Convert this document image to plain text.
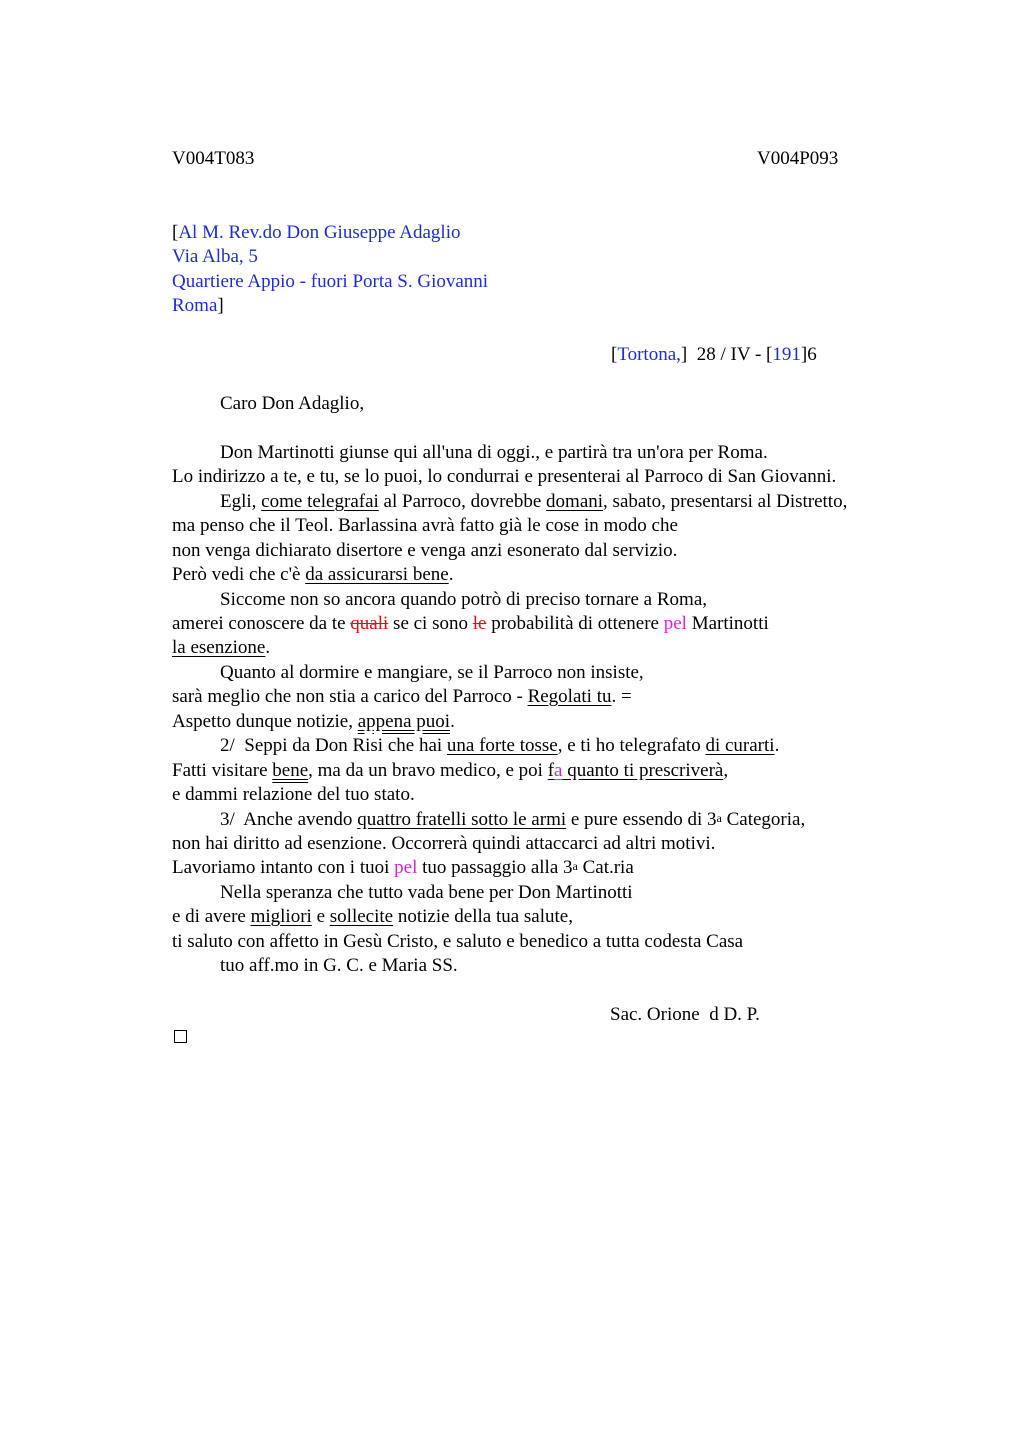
V004T083	V004P093
[Al M. Rev.do Don Giuseppe Adaglio
Via Alba, 5
Quartiere Appio - fuori Porta S. Giovanni
Roma]
[Tortona,]  28 / IV - [191]6
Caro Don Adaglio,
Don Martinotti giunse qui all'una di oggi., e partirà tra un'ora per Roma.
Lo indirizzo a te, e tu, se lo puoi, lo condurrai e presenterai al Parroco di San Giovanni.
Egli, come telegrafai al Parroco, dovrebbe domani, sabato, presentarsi al Distretto,
ma penso che il Teol. Barlassina avrà fatto già le cose in modo che
non venga dichiarato disertore e venga anzi esonerato dal servizio.
Però vedi che c'è da assicurarsi bene.
Siccome non so ancora quando potrò di preciso tornare a Roma,
amerei conoscere da te quali se ci sono le probabilità di ottenere pel Martinotti
la esenzione.
Quanto al dormire e mangiare, se il Parroco non insiste,
sarà meglio che non stia a carico del Parroco - Regolati tu. =
Aspetto dunque notizie, appena puoi.
2/  Seppi da Don Risi che hai una forte tosse, e ti ho telegrafato di curarti.
Fatti visitare bene, ma da un bravo medico, e poi fa quanto ti prescriverà,
e dammi relazione del tuo stato.
3/  Anche avendo quattro fratelli sotto le armi e pure essendo di 3$^a$ Categoria,
non hai diritto ad esenzione. Occorrerà quindi attaccarci ad altri motivi.
Lavoriamo intanto con i tuoi pel tuo passaggio alla 3$^a$ Cat.ria
Nella speranza che tutto vada bene per Don Martinotti
e di avere migliori e sollecite notizie della tua salute,
ti saluto con affetto in Gesù Cristo, e saluto e benedico a tutta codesta Casa
tuo aff.mo in G. C. e Maria SS.
Sac. Orione  d D. P.
